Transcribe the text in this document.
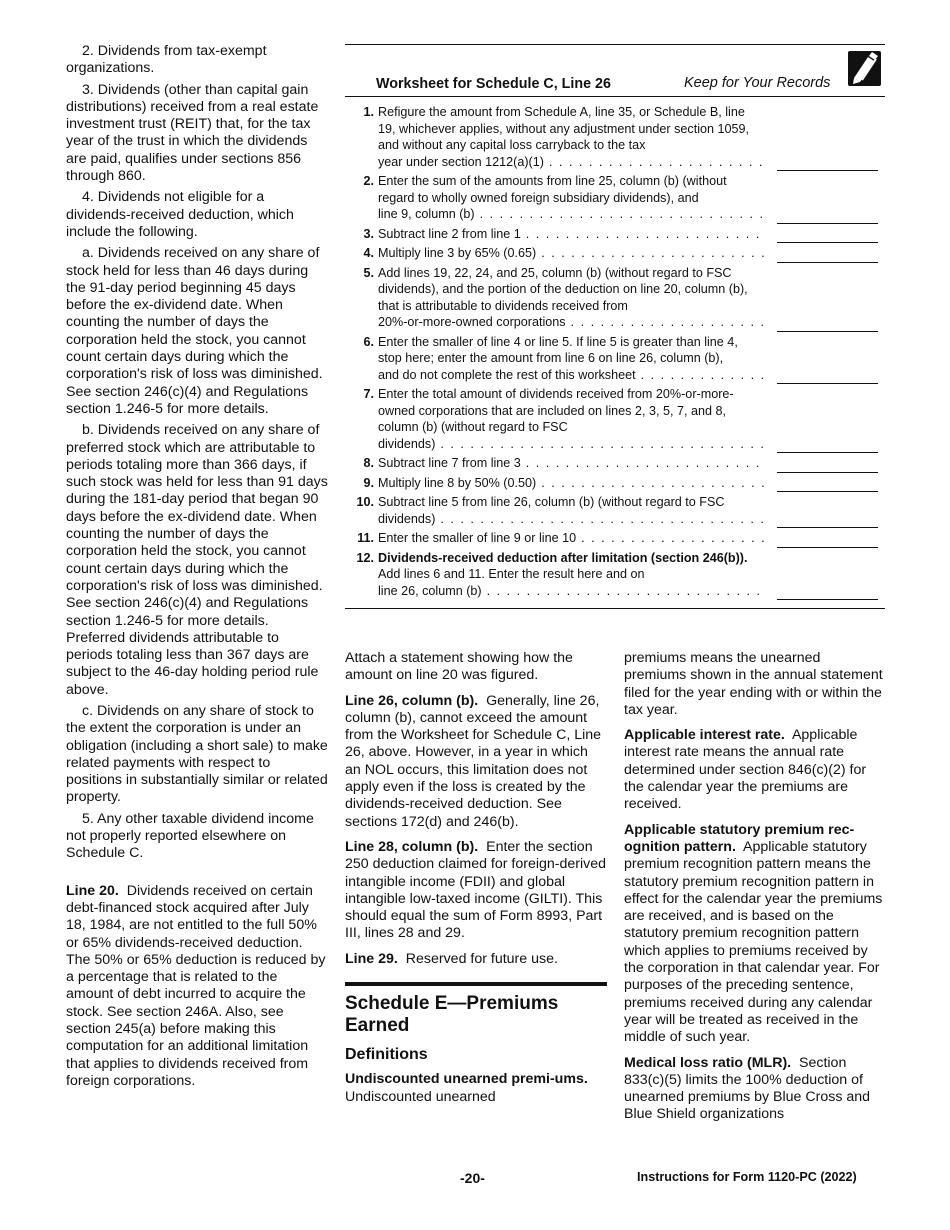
2. Dividends from tax-exempt organizations.

3. Dividends (other than capital gain distributions) received from a real estate investment trust (REIT) that, for the tax year of the trust in which the dividends are paid, qualifies under sections 856 through 860.

4. Dividends not eligible for a dividends-received deduction, which include the following.

a. Dividends received on any share of stock held for less than 46 days during the 91-day period beginning 45 days before the ex-dividend date. When counting the number of days the corporation held the stock, you cannot count certain days during which the corporation's risk of loss was diminished. See section 246(c)(4) and Regulations section 1.246-5 for more details.

b. Dividends received on any share of preferred stock which are attributable to periods totaling more than 366 days, if such stock was held for less than 91 days during the 181-day period that began 90 days before the ex-dividend date. When counting the number of days the corporation held the stock, you cannot count certain days during which the corporation's risk of loss was diminished. See section 246(c)(4) and Regulations section 1.246-5 for more details. Preferred dividends attributable to periods totaling less than 367 days are subject to the 46-day holding period rule above.

c. Dividends on any share of stock to the extent the corporation is under an obligation (including a short sale) to make related payments with respect to positions in substantially similar or related property.

5. Any other taxable dividend income not properly reported elsewhere on Schedule C.

Line 20. Dividends received on certain debt-financed stock acquired after July 18, 1984, are not entitled to the full 50% or 65% dividends-received deduction. The 50% or 65% deduction is reduced by a percentage that is related to the amount of debt incurred to acquire the stock. See section 246A. Also, see section 245(a) before making this computation for an additional limitation that applies to dividends received from foreign corporations.

Worksheet for Schedule C, Line 26	Keep for Your Records
1. Refigure the amount from Schedule A, line 35, or Schedule B, line 19, whichever applies, without any adjustment under section 1059, and without any capital loss carryback to the tax
year under section 1212(a)(1) . . .
2. Enter the sum of the amounts from line 25, column (b) (without regard to wholly owned foreign subsidiary dividends), and
line 9, column (b) . . .
3. Subtract line 2 from line 1 . . .
4. Multiply line 3 by 65% (0.65) . . .
5. Add lines 19, 22, 24, and 25, column (b) (without regard to FSC dividends), and the portion of the deduction on line 20, column (b), that is attributable to dividends received from
20%-or-more-owned corporations . . .
6. Enter the smaller of line 4 or line 5. If line 5 is greater than line 4, stop here; enter the amount from line 6 on line 26, column (b),
and do not complete the rest of this worksheet . . .
7. Enter the total amount of dividends received from 20%-or-more-owned corporations that are included on lines 2, 3, 5, 7, and 8, column (b) (without regard to FSC
dividends) . . .
8. Subtract line 7 from line 3 . . .
9. Multiply line 8 by 50% (0.50) . . .
10. Subtract line 5 from line 26, column (b) (without regard to FSC
dividends) . . .
11. Enter the smaller of line 9 or line 10 . . .
12. Dividends-received deduction after limitation (section 246(b)). Add lines 6 and 11. Enter the result here and on
line 26, column (b) . . .

Attach a statement showing how the amount on line 20 was figured.

Line 26, column (b). Generally, line 26, column (b), cannot exceed the amount from the Worksheet for Schedule C, Line 26, above. However, in a year in which an NOL occurs, this limitation does not apply even if the loss is created by the dividends-received deduction. See sections 172(d) and 246(b).

Line 28, column (b). Enter the section 250 deduction claimed for foreign-derived intangible income (FDII) and global intangible low-taxed income (GILTI). This should equal the sum of Form 8993, Part III, lines 28 and 29.

Line 29. Reserved for future use.

Schedule E—Premiums Earned
Definitions

Undiscounted unearned premi-ums.  Undiscounted unearned

premiums means the unearned premiums shown in the annual statement filed for the year ending with or within the tax year.

Applicable interest rate. Applicable interest rate means the annual rate determined under section 846(c)(2) for the calendar year the premiums are received.

Applicable statutory premium rec-ognition pattern. Applicable statutory premium recognition pattern means the statutory premium recognition pattern in effect for the calendar year the premiums are received, and is based on the statutory premium recognition pattern which applies to premiums received by the corporation in that calendar year. For purposes of the preceding sentence, premiums received during any calendar year will be treated as received in the middle of such year.

Medical loss ratio (MLR). Section 833(c)(5) limits the 100% deduction of unearned premiums by Blue Cross and Blue Shield organizations

-20-	Instructions for Form 1120-PC (2022)
